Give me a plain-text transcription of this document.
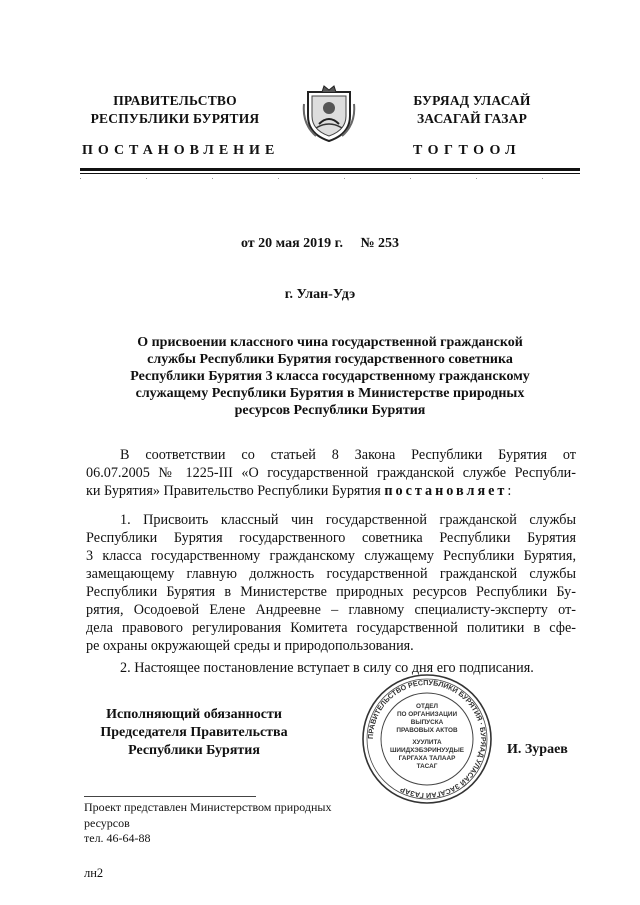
ПРАВИТЕЛЬСТВО
РЕСПУБЛИКИ БУРЯТИЯ
БУРЯАД УЛАСАЙ
ЗАСАГАЙ ГАЗАР
ПОСТАНОВЛЕНИЕ	ТОГТООЛ
от 20 мая 2019 г. № 253
г. Улан-Удэ
О присвоении классного чина государственной гражданской
службы Республики Бурятия государственного советника
Республики Бурятия 3 класса государственному гражданскому
служащему Республики Бурятия в Министерстве природных
ресурсов Республики Бурятия
В соответствии со статьей 8 Закона Республики Бурятия от
06.07.2005 № 1225-III «О государственной гражданской службе Республи-
ки Бурятия» Правительство Республики Бурятия постановляет:
1. Присвоить классный чин государственной гражданской службы
Республики Бурятия государственного советника Республики Бурятия
3 класса государственному гражданскому служащему Республики Бурятия,
замещающему главную должность государственной гражданской службы
Республики Бурятия в Министерстве природных ресурсов Республики Бу-
рятия, Осодоевой Елене Андреевне – главному специалисту-эксперту от-
дела правового регулирования Комитета государственной политики в сфе-
ре охраны окружающей среды и природопользования.
2. Настоящее постановление вступает в силу со дня его подписания.
Исполняющий обязанности
Председателя Правительства
Республики Бурятия
ПРАВИТЕЛЬСТВО РЕСПУБЛИКИ БУРЯТИЯ · БУРЯАД УЛАСАЙ ЗАСАГАЙ ГАЗАР
ОТДЕЛ
ПО ОРГАНИЗАЦИИ
ВЫПУСКА
ПРАВОВЫХ АКТОВ
ХУУЛИТА
ШИИДХЭБЭРИНУУДЫЕ
ГАРГАХА ТАЛААР
ТАСАГ
И. Зураев
Проект представлен Министерством природных
ресурсов
тел. 46-64-88
лн2
